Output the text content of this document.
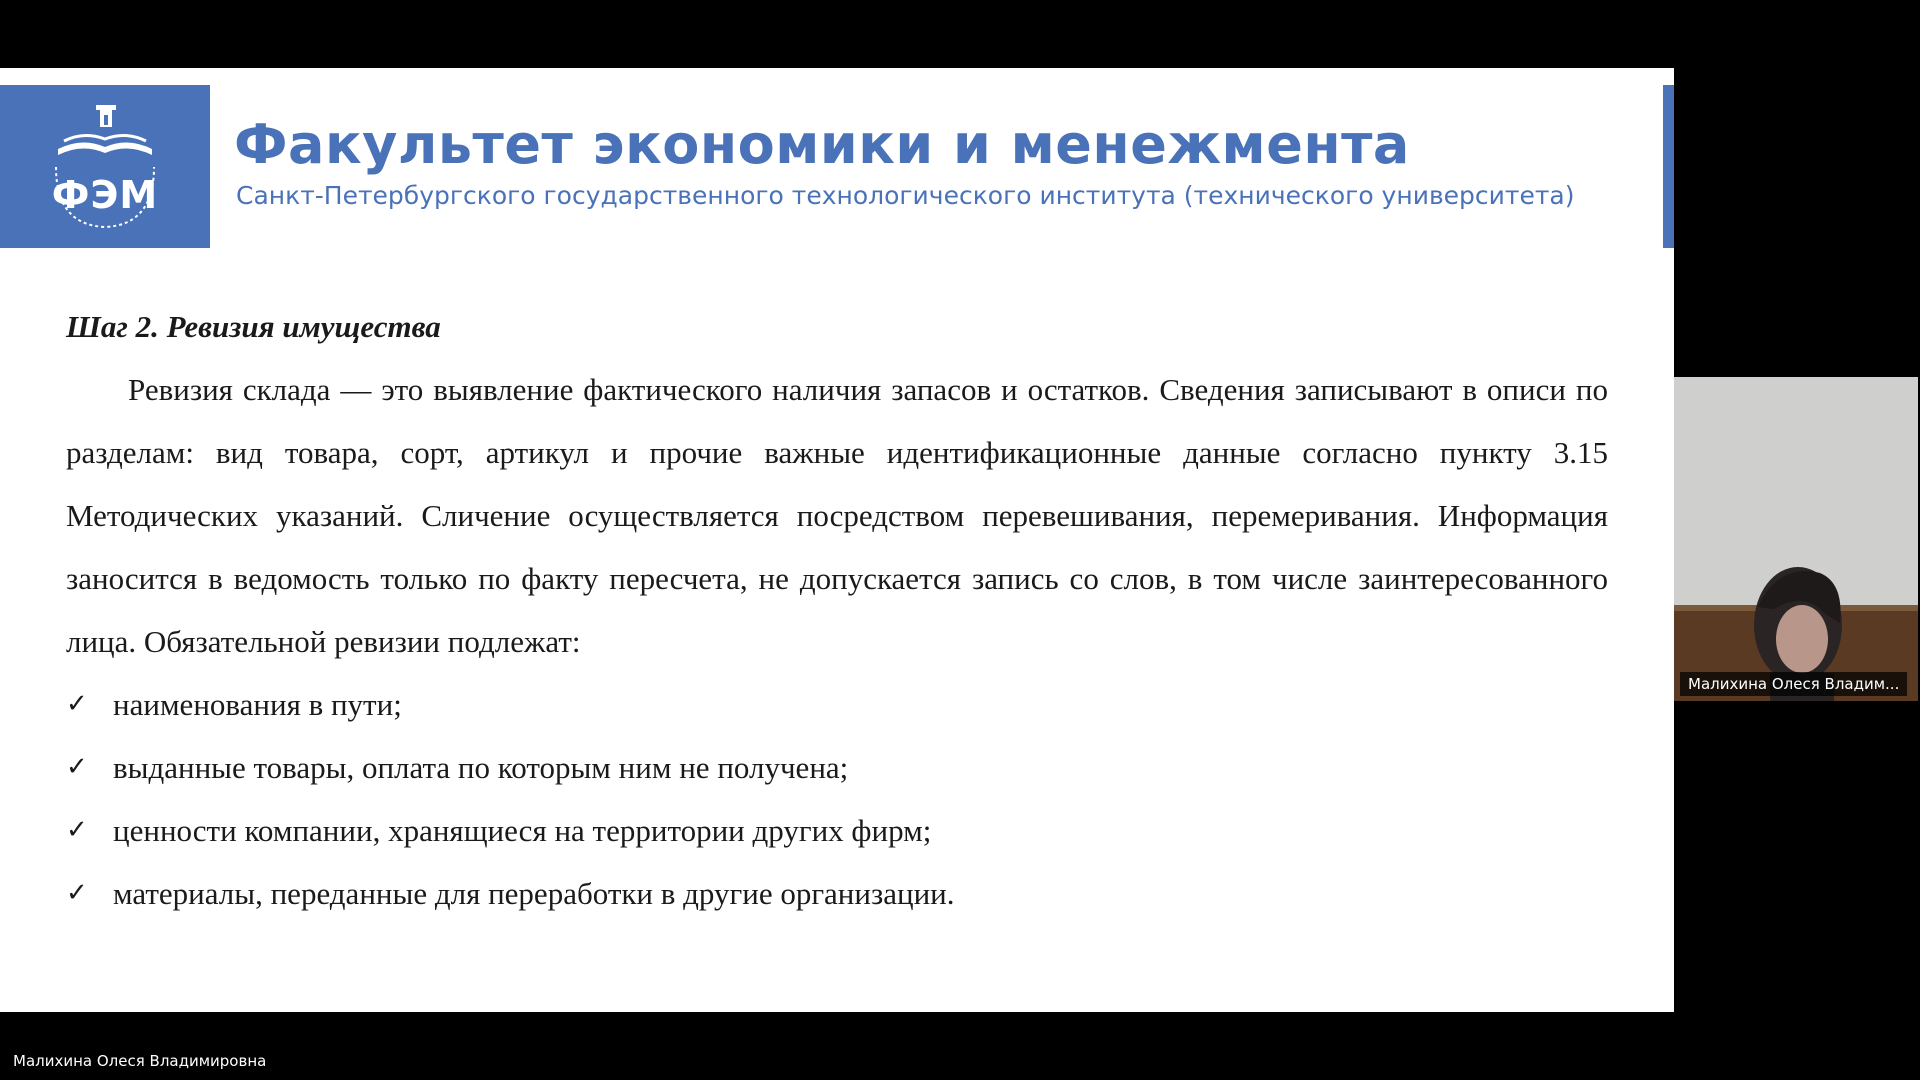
ФЭМ
Факультет экономики и менежмента
Санкт-Петербургского государственного технологического института (технического университета)

Шаг 2. Ревизия имущества

Ревизия склада — это выявление фактического наличия запасов и остатков. Сведения записывают в описи по разделам: вид товара, сорт, артикул и прочие важные идентификационные данные согласно пункту 3.15 Методических указаний. Сличение осуществляется посредством перевешивания, перемеривания. Информация заносится в ведомость только по факту пересчета, не допускается запись со слов, в том числе заинтересованного лица. Обязательной ревизии подлежат:

✓ наименования в пути;
✓ выданные товары, оплата по которым ним не получена;
✓ ценности компании, хранящиеся на территории других фирм;
✓ материалы, переданные для переработки в другие организации.
Малихина Олеся Владим...
Малихина Олеся Владимировна
